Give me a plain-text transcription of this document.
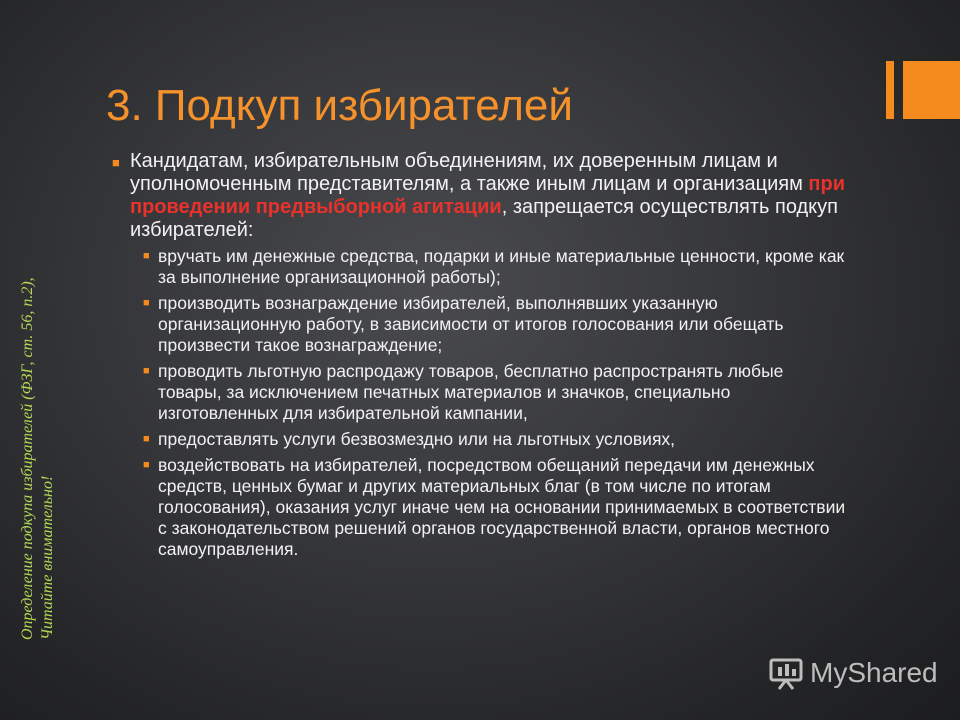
3. Подкуп избирателей
Определение подкупа избирателей (ФЗГ, ст. 56, п.2), Читайте внимательно!
■ Кандидатам, избирательным объединениям, их доверенным лицам и уполномоченным представителям, а также иным лицам и организациям при проведении предвыборной агитации, запрещается осуществлять подкуп избирателей:
■ вручать им денежные средства, подарки и иные материальные ценности, кроме как за выполнение организационной работы);
■ производить вознаграждение избирателей, выполнявших указанную организационную работу, в зависимости от итогов голосования или обещать произвести такое вознаграждение;
■ проводить льготную распродажу товаров, бесплатно распространять любые товары, за исключением печатных материалов и значков, специально изготовленных для избирательной кампании,
■ предоставлять услуги безвозмездно или на льготных условиях,
■ воздействовать на избирателей, посредством обещаний передачи им денежных средств, ценных бумаг и других материальных благ (в том числе по итогам голосования), оказания услуг иначе чем на основании принимаемых в соответствии с законодательством решений органов государственной власти, органов местного самоуправления.
MyShared
